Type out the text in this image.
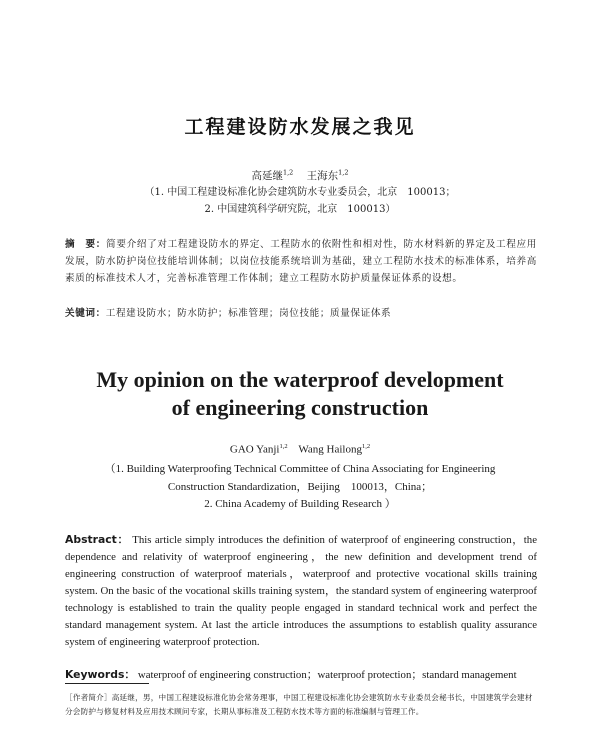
工程建设防水发展之我见
高延继$^{1,2}$ 王海东$^{1,2}$
（1. 中国工程建设标准化协会建筑防水专业委员会，北京　100013；
2. 中国建筑科学研究院，北京　100013）
摘　要：简要介绍了对工程建设防水的界定、工程防水的依附性和相对性，防水材料新的界定及工程应用发展，防水防护岗位技能培训体制；以岗位技能系统培训为基础，建立工程防水技术的标准体系，培养高素质的标准技术人才，完善标准管理工作体制；建立工程防水防护质量保证体系的设想。
关键词：工程建设防水；防水防护；标准管理；岗位技能；质量保证体系
My opinion on the waterproof development
of engineering construction
GAO Yanji$^{1,2}$ Wang Hailong$^{1,2}$
（1. Building Waterproofing Technical Committee of China Associating for Engineering
Construction Standardization，Beijing　100013，China；
2. China Academy of Building Research ）
Abstract： This article simply introduces the definition of waterproof of engineering construction，the dependence and relativity of waterproof engineering，the new definition and development trend of engineering construction of waterproof materials，waterproof and protective vocational skills training system. On the basic of the vocational skills training system，the standard system of engineering waterproof technology is established to train the quality people engaged in standard technical work and perfect the standard management system. At last the article introduces the assumptions to establish quality assurance system of engineering waterproof protection.
Keywords： waterproof of engineering construction；waterproof protection；standard management
［作者简介］高延继，男，中国工程建设标准化协会常务理事，中国工程建设标准化协会建筑防水专业委员会秘书长，中国建筑学会建材分会防护与修复材料及应用技术顾问专家，长期从事标准及工程防水技术等方面的标准编制与管理工作。
